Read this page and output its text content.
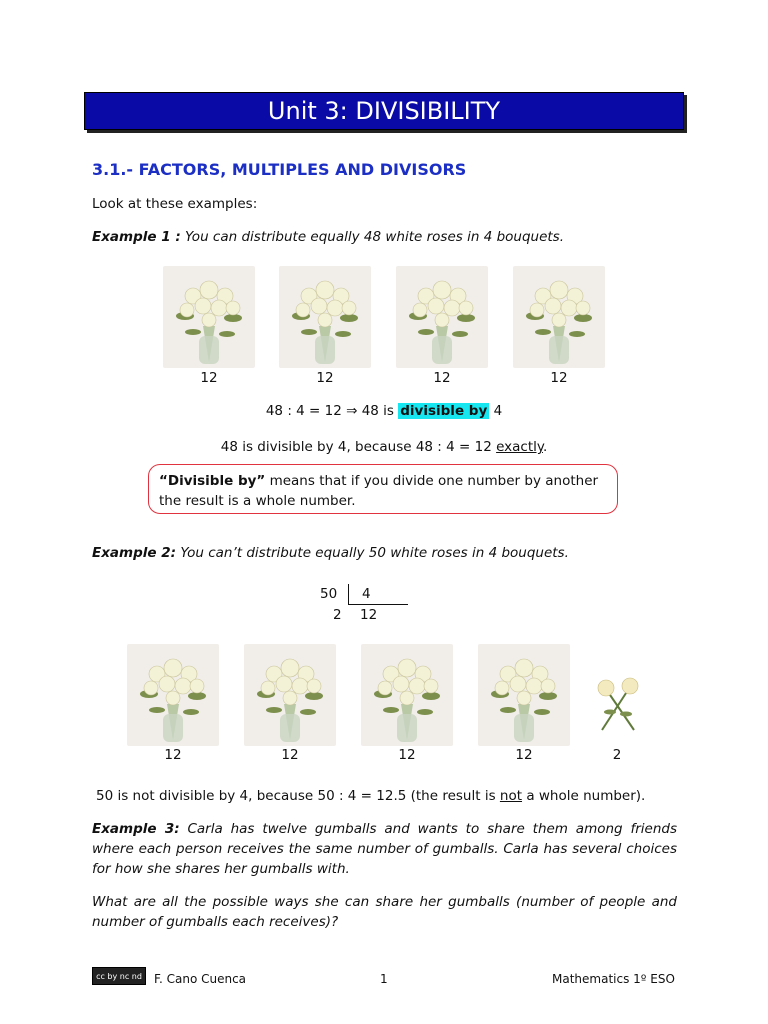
Unit 3: DIVISIBILITY
3.1.- FACTORS, MULTIPLES AND DIVISORS
Look at these examples:
Example 1 : You can distribute equally 48 white roses in 4 bouquets.
12	12	12	12
48 : 4 = 12 ⇒ 48 is divisible by 4
48 is divisible by 4, because 48 : 4 = 12 exactly.
“Divisible by” means that if you divide one number by another the result is a whole number.
Example 2: You can’t distribute equally 50 white roses in 4 bouquets.
50 4
2 12
12	12	12	12	2
50 is not divisible by 4, because 50 : 4 = 12.5 (the result is not a whole number).
Example 3: Carla has twelve gumballs and wants to share them among friends where each person receives the same number of gumballs. Carla has several choices for how she shares her gumballs with.
What are all the possible ways she can share her gumballs (number of people and number of gumballs each receives)?
cc by nc nd	F. Cano Cuenca	1	Mathematics 1º ESO
